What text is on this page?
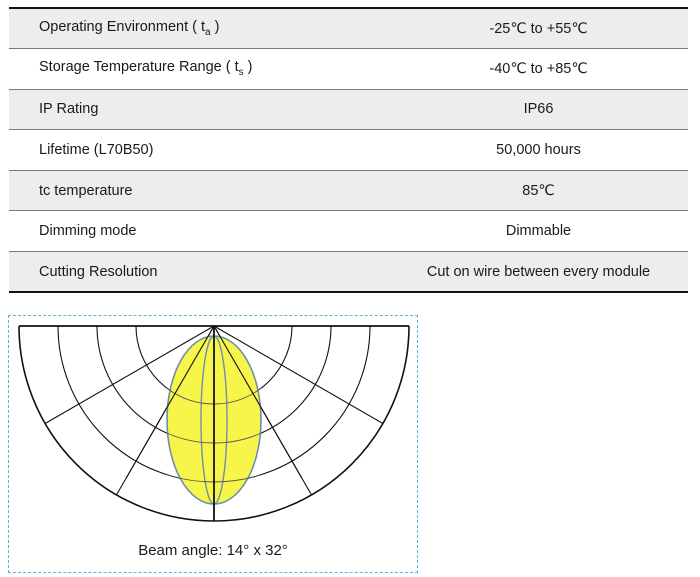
Operating Environment ( $t_a$ )	-25℃ to +55℃
Storage Temperature Range ( $t_s$ )	-40℃ to +85℃
IP Rating	IP66
Lifetime (L70B50)	50,000 hours
tc temperature	85℃
Dimming mode	Dimmable
Cutting Resolution	Cut on wire between every module
Beam angle: 14° x 32°
